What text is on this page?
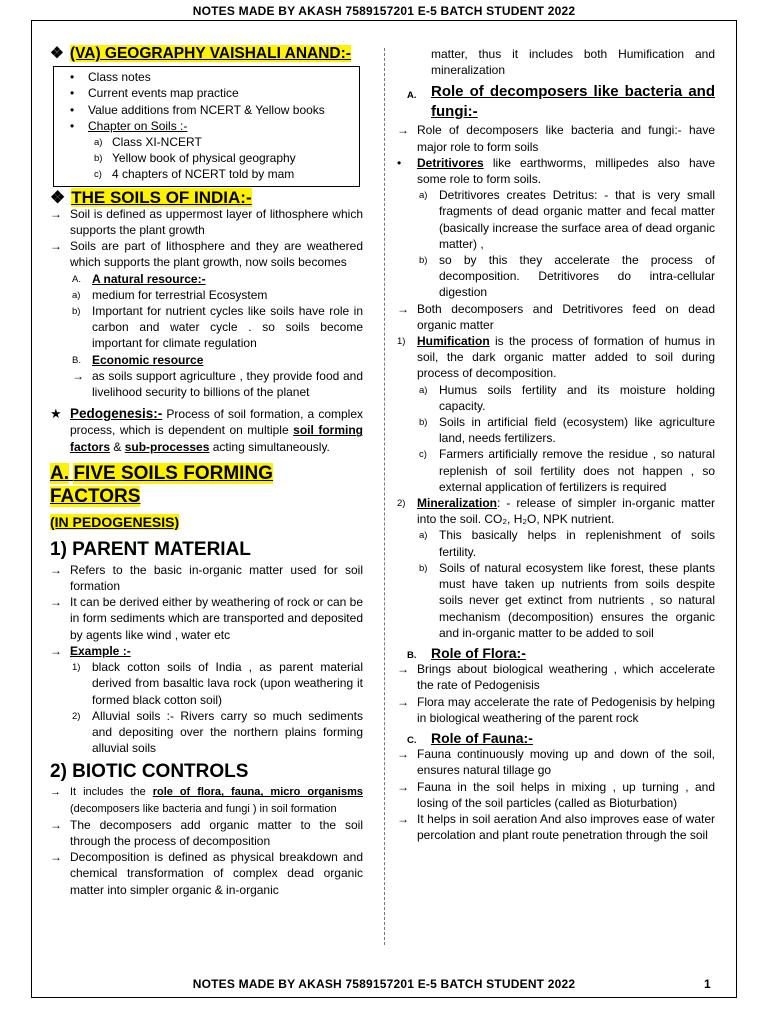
NOTES MADE BY AKASH 7589157201 E-5 BATCH STUDENT 2022

❖ (VA) GEOGRAPHY VAISHALI ANAND:-

• Class notes
• Current events map practice
• Value additions from NCERT & Yellow books
• Chapter on Soils :-
a) Class XI-NCERT
b) Yellow book of physical geography
c) 4 chapters of NCERT told by mam

❖ THE SOILS OF INDIA:-

→ Soil is defined as uppermost layer of lithosphere which supports the plant growth
→ Soils are part of lithosphere and they are weathered which supports the plant growth, now soils becomes
A. A natural resource:-
a) medium for terrestrial Ecosystem
b) Important for nutrient cycles like soils have role in carbon and water cycle . so soils become important for climate regulation
B. Economic resource
→ as soils support agriculture , they provide food and livelihood security to billions of the planet
★ Pedogenesis:- Process of soil formation, a complex process, which is dependent on multiple soil forming factors & sub-processes acting simultaneously.
A. FIVE SOILS FORMING FACTORS
(IN PEDOGENESIS)
1) PARENT MATERIAL
→ Refers to the basic in-organic matter used for soil formation
→ It can be derived either by weathering of rock or can be in form sediments which are transported and deposited by agents like wind , water etc
→ Example :-
1) black cotton soils of India , as parent material derived from basaltic lava rock (upon weathering it formed black cotton soil)
2) Alluvial soils :- Rivers carry so much sediments and depositing over the northern plains forming alluvial soils
2) BIOTIC CONTROLS
→ It includes the role of flora, fauna, micro organisms (decomposers like bacteria and fungi ) in soil formation
→ The decomposers add organic matter to the soil through the process of decomposition
→ Decomposition is defined as physical breakdown and chemical transformation of complex dead organic matter into simpler organic & in-organic
matter, thus it includes both Humification and mineralization
A. Role of decomposers like bacteria and fungi:-
→ Role of decomposers like bacteria and fungi:- have major role to form soils
• Detritivores like earthworms, millipedes also have some role to form soils.
a) Detritivores creates Detritus: - that is very small fragments of dead organic matter and fecal matter (basically increase the surface area of dead organic matter) ,
b) so by this they accelerate the process of decomposition. Detritivores do intra-cellular digestion
→ Both decomposers and Detritivores feed on dead organic matter
1) Humification is the process of formation of humus in soil, the dark organic matter added to soil during process of decomposition.
a) Humus soils fertility and its moisture holding capacity.
b) Soils in artificial field (ecosystem) like agriculture land, needs fertilizers.
c) Farmers artificially remove the residue , so natural replenish of soil fertility does not happen , so external application of fertilizers is required
2) Mineralization: - release of simpler in-organic matter into the soil. CO₂, H₂O, NPK nutrient.
a) This basically helps in replenishment of soils fertility.
b) Soils of natural ecosystem like forest, these plants must have taken up nutrients from soils despite soils never get extinct from nutrients , so natural mechanism (decomposition) ensures the organic and in-organic matter to be added to soil
B. Role of Flora:-
→ Brings about biological weathering , which accelerate the rate of Pedogenisis
→ Flora may accelerate the rate of Pedogenisis by helping in biological weathering of the parent rock
C. Role of Fauna:-
→ Fauna continuously moving up and down of the soil, ensures natural tillage go
→ Fauna in the soil helps in mixing , up turning , and losing of the soil particles (called as Bioturbation)
→ It helps in soil aeration And also improves ease of water percolation and plant route penetration through the soil
NOTES MADE BY AKASH 7589157201 E-5 BATCH STUDENT 2022	1
